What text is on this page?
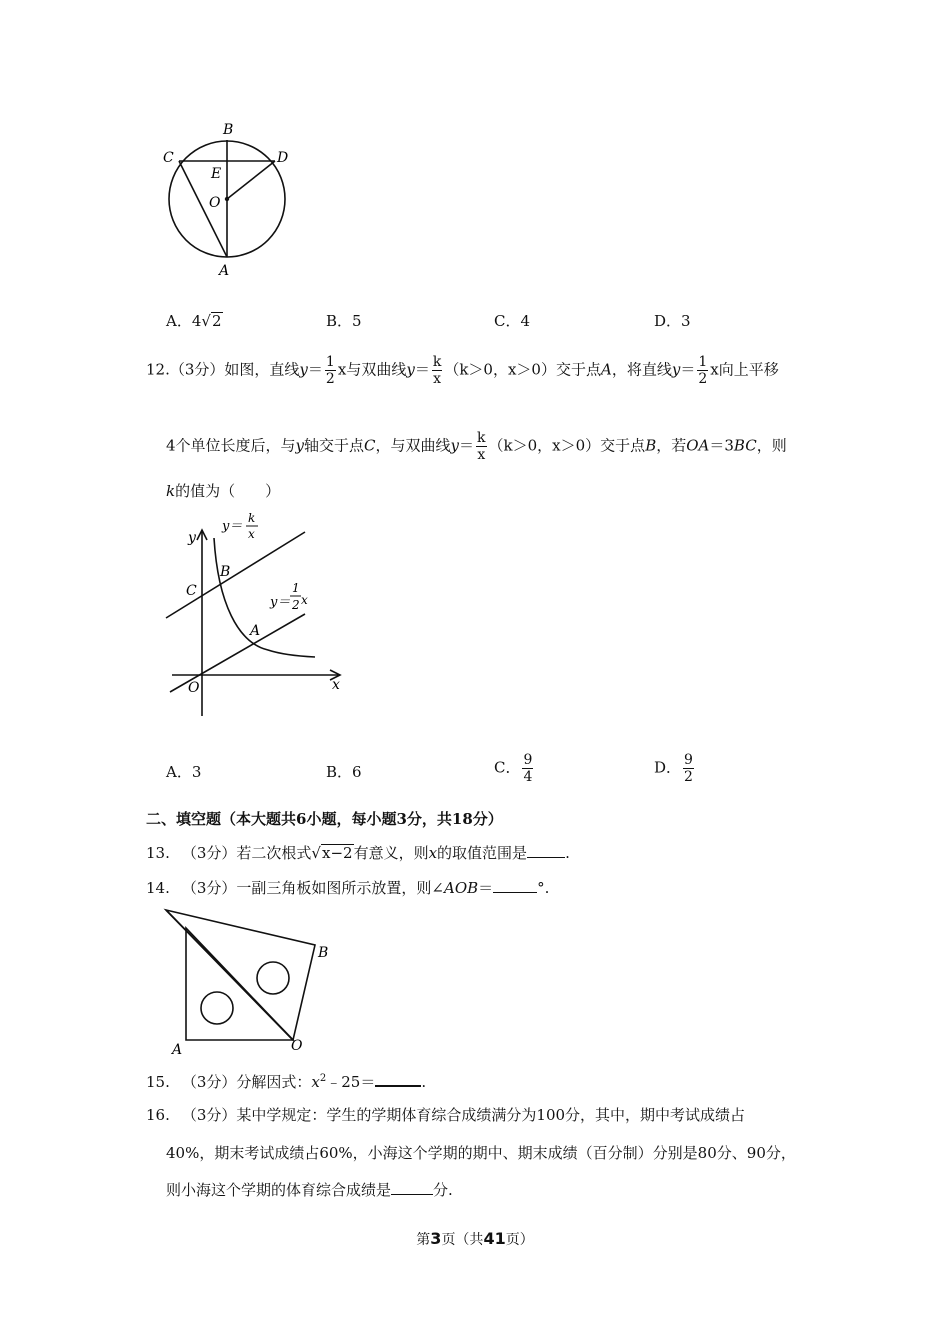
B
C	D
E
O
A
A．4√2	B．5	C．4	D．3
12.（3分）如图，直线$y= \frac{1}{2}$ x与双曲线$y= \frac{k}{x} (k>0$，x＞0）交于点A，将直线$y= \frac{1}{2}$ x向上平移
4个单位长度后，与y轴交于点C，与双曲线$y= \frac{k}{x} (k>0$，x＞0）交于点B，若OA＝3BC，则
k的值为（　　）
y
x
O
C
B
A
y＝
k
x
y＝
1
2 x
A．3	B．6	C． $\frac{9}{4}$	D． $\frac{9}{2}$
二、填空题（本大题共6小题，每小题3分，共18分）
13. （3分）若二次根式√x−2有意义，则x的取值范围是	.
14. （3分）一副三角板如图所示放置，则∠AOB＝	°.
A	O
B
15. （3分）分解因式：$x^2﹣25=$	.
16. （3分）某中学规定：学生的学期体育综合成绩满分为100分，其中，期中考试成绩占
40%，期末考试成绩占60%，小海这个学期的期中、期末成绩（百分制）分别是80分、90分，
则小海这个学期的体育综合成绩是	分.
第3页（共41页）
